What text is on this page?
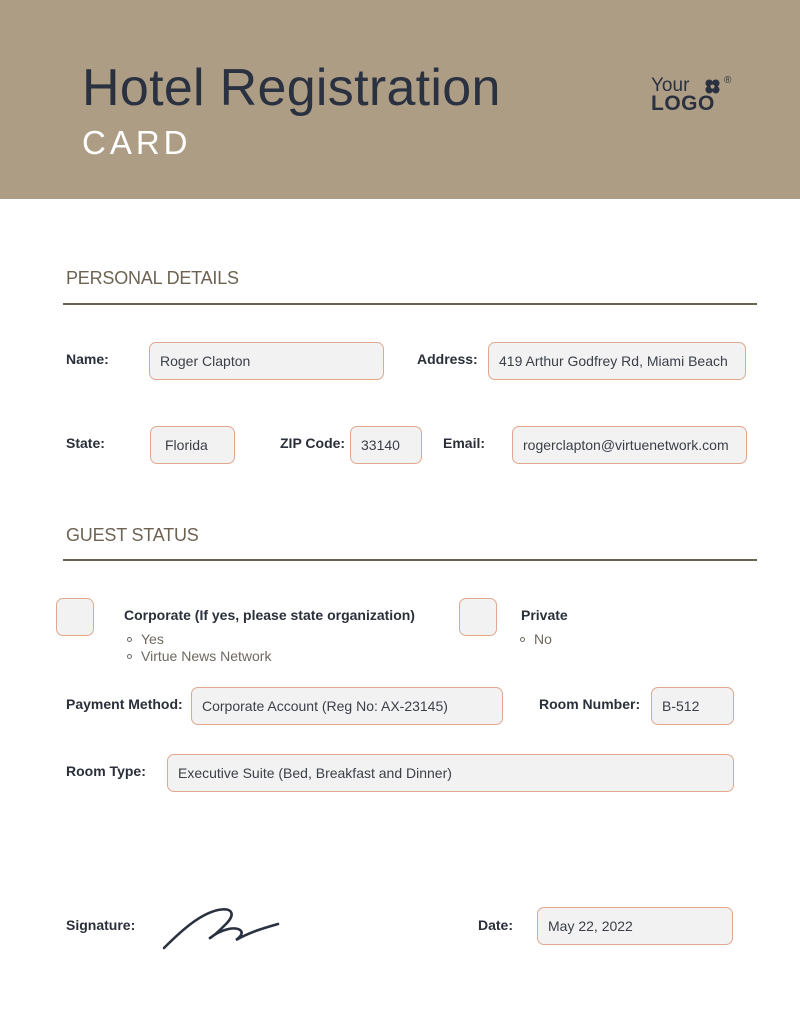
Hotel Registration
CARD
Your	®
LOGO
PERSONAL DETAILS
Name:	Roger Clapton	Address:	419 Arthur Godfrey Rd, Miami Beach
State:	Florida	ZIP Code:	33140	Email:	rogerclapton@virtuenetwork.com
GUEST STATUS
Corporate (If yes, please state organization)
Yes
Virtue News Network
Private
No
Payment Method:	Corporate Account (Reg No: AX-23145)	Room Number:	B-512
Room Type:	Executive Suite (Bed, Breakfast and Dinner)
Signature:	Date:	May 22, 2022
